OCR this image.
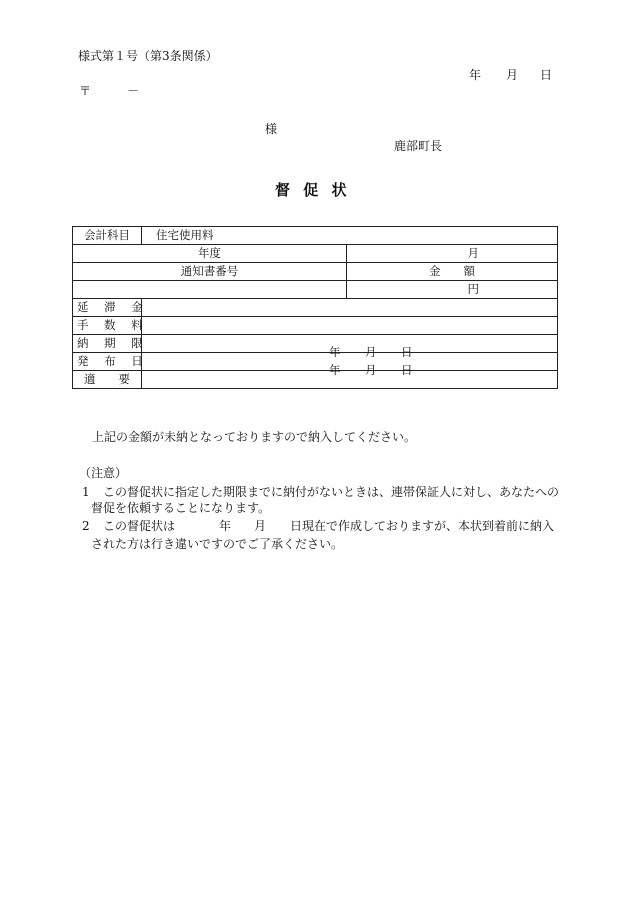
様式第１号（第3条関係）
年 月 日
〒	－
様
鹿部町長
督 促 状
会計科目	住宅使用料	
年度		月
通知書番号		金　　額
		円
延 滞 金		
手 数 料		
納 期 限	年 月 日	

発 布 日	年 月 日	

適　　要		
上記の金額が未納となっておりますので納入してください。
（注意）
1 この督促状に指定した期限までに納付がないときは、連帯保証人に対し、あなたへの
督促を依頼することになります。
2 この督促状は	年 月 日現在で作成しておりますが、本状到着前に納入
された方は行き違いですのでご了承ください。
